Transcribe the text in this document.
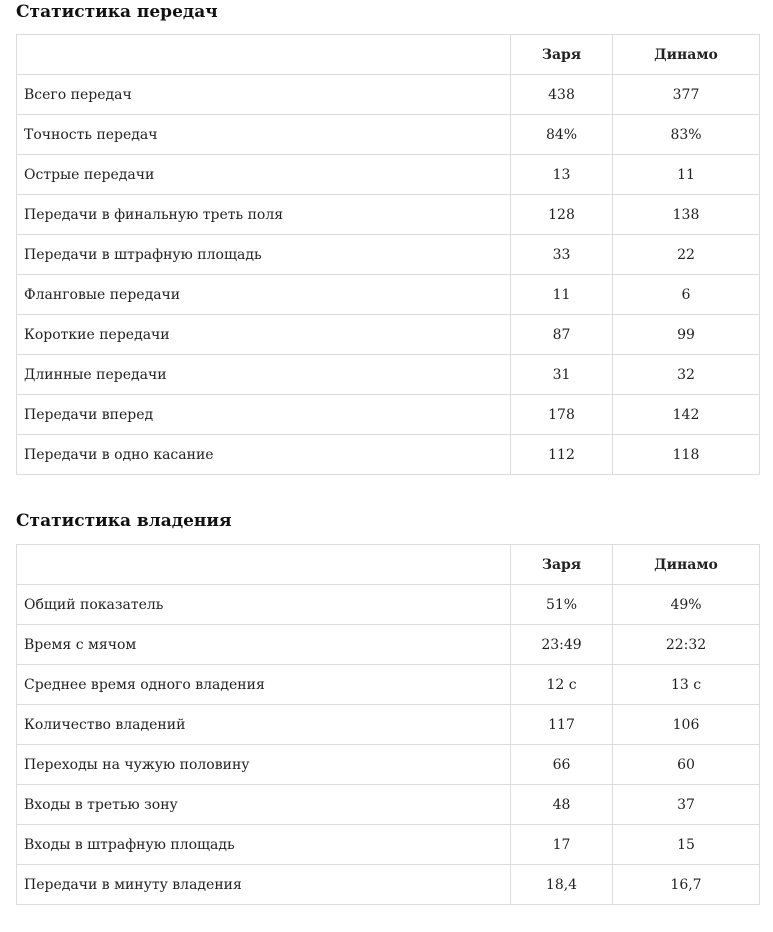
Статистика передач
	Заря	Динамо
Всего передач	438	377
Точность передач	84%	83%
Острые передачи	13	11
Передачи в финальную треть поля	128	138
Передачи в штрафную площадь	33	22
Фланговые передачи	11	6
Короткие передачи	87	99
Длинные передачи	31	32
Передачи вперед	178	142
Передачи в одно касание	112	118
Статистика владения
	Заря	Динамо
Общий показатель	51%	49%
Время с мячом	23:49	22:32
Среднее время одного владения	12 с	13 с
Количество владений	117	106
Переходы на чужую половину	66	60
Входы в третью зону	48	37
Входы в штрафную площадь	17	15
Передачи в минуту владения	18,4	16,7
